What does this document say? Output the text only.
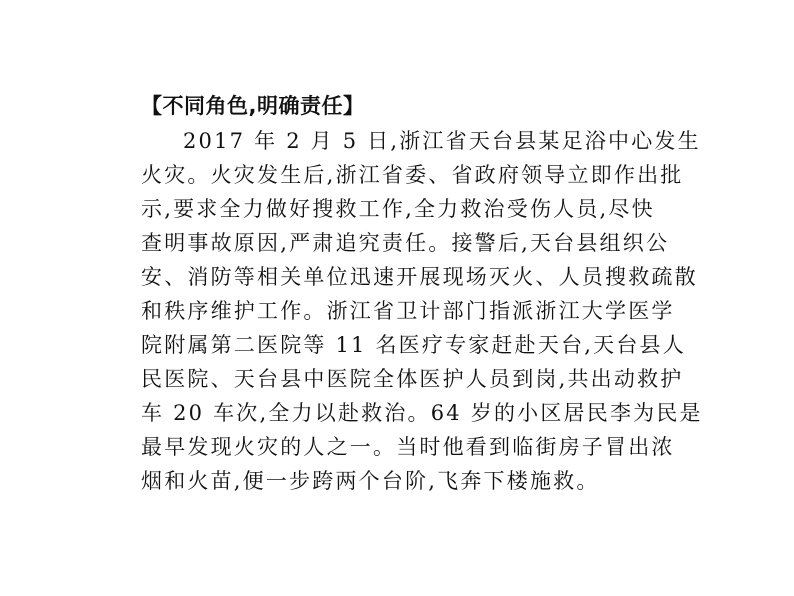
【不同角色,明确责任】
2017 年 2 月 5 日,浙江省天台县某足浴中心发生
火灾。火灾发生后,浙江省委、省政府领导立即作出批
示,要求全力做好搜救工作,全力救治受伤人员,尽快
查明事故原因,严肃追究责任。接警后,天台县组织公
安、消防等相关单位迅速开展现场灭火、人员搜救疏散
和秩序维护工作。浙江省卫计部门指派浙江大学医学
院附属第二医院等 11 名医疗专家赶赴天台,天台县人
民医院、天台县中医院全体医护人员到岗,共出动救护
车 20 车次,全力以赴救治。64 岁的小区居民李为民是
最早发现火灾的人之一。当时他看到临街房子冒出浓
烟和火苗,便一步跨两个台阶,飞奔下楼施救。
